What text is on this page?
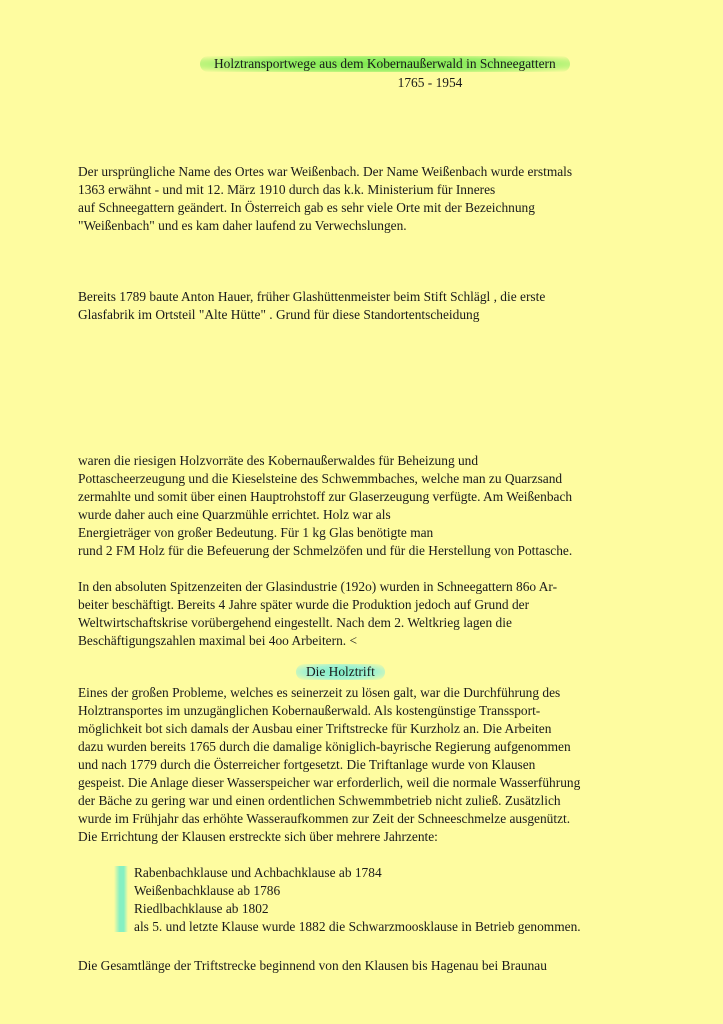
Holztransportwege aus dem Kobernaußerwald in Schneegattern
1765 - 1954
Der ursprüngliche Name des Ortes war Weißenbach. Der Name Weißenbach wurde erstmals
1363 erwähnt - und mit 12. März 1910 durch das k.k. Ministerium für Inneres
auf Schneegattern geändert. In Österreich gab es sehr viele Orte mit der Bezeichnung
"Weißenbach" und es kam daher laufend zu Verwechslungen.
Bereits 1789 baute Anton Hauer, früher Glashüttenmeister beim Stift Schlägl , die erste
Glasfabrik im Ortsteil "Alte Hütte" . Grund für diese Standortentscheidung
waren die riesigen Holzvorräte des Kobernaußerwaldes für Beheizung und
Pottascheerzeugung und die Kieselsteine des Schwemmbaches, welche man zu Quarzsand
zermahlte und somit über einen Hauptrohstoff zur Glaserzeugung verfügte. Am Weißenbach
wurde daher auch eine Quarzmühle errichtet. Holz war als
Energieträger von großer Bedeutung. Für 1 kg Glas benötigte man
rund 2 FM Holz für die Befeuerung der Schmelzöfen und für die Herstellung von Pottasche.
In den absoluten Spitzenzeiten der Glasindustrie (192o) wurden in Schneegattern 86o Ar-
beiter beschäftigt. Bereits 4 Jahre später wurde die Produktion jedoch auf Grund der
Weltwirtschaftskrise vorübergehend eingestellt. Nach dem 2. Weltkrieg lagen die
Beschäftigungszahlen maximal bei 4oo Arbeitern. <
Die Holztrift
Eines der großen Probleme, welches es seinerzeit zu lösen galt, war die Durchführung des
Holztransportes im unzugänglichen Kobernaußerwald. Als kostengünstige Transsport-
möglichkeit bot sich damals der Ausbau einer Triftstrecke für Kurzholz an. Die Arbeiten
dazu wurden bereits 1765 durch die damalige königlich-bayrische Regierung aufgenommen
und nach 1779 durch die Österreicher fortgesetzt. Die Triftanlage wurde von Klausen
gespeist. Die Anlage dieser Wasserspeicher war erforderlich, weil die normale Wasserführung
der Bäche zu gering war und einen ordentlichen Schwemmbetrieb nicht zuließ. Zusätzlich
wurde im Frühjahr das erhöhte Wasseraufkommen zur Zeit der Schneeschmelze ausgenützt.
Die Errichtung der Klausen erstreckte sich über mehrere Jahrzente:
Rabenbachklause und Achbachklause ab 1784
Weißenbachklause ab 1786
Riedlbachklause ab 1802
als 5. und letzte Klause wurde 1882 die Schwarzmoosklause in Betrieb genommen.
Die Gesamtlänge der Triftstrecke beginnend von den Klausen bis Hagenau bei Braunau
